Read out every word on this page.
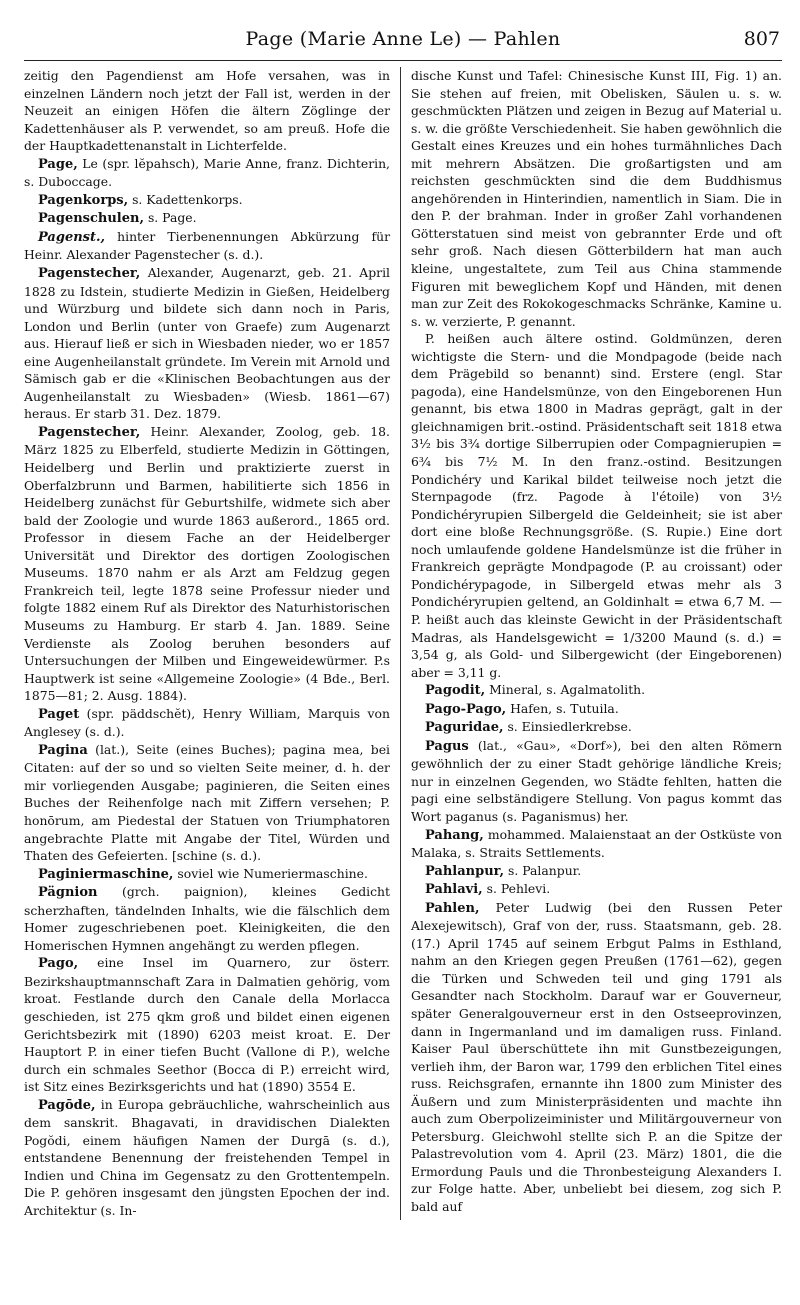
Page (Marie Anne Le) — Pahlen	807

zeitig den Pagendienst am Hofe versahen, was in einzelnen Ländern noch jetzt der Fall ist, werden in der Neuzeit an einigen Höfen die ältern Zöglinge der Kadettenhäuser als P. verwendet, so am preuß. Hofe die der Hauptkadettenanstalt in Lichterfelde.

Page, Le (spr. lĕpahsch), Marie Anne, franz. Dichterin, s. Duboccage.

Pagenkorps, s. Kadettenkorps.

Pagenschulen, s. Page.

Pagenst., hinter Tierbenennungen Abkürzung für Heinr. Alexander Pagenstecher (s. d.).

Pagenstecher, Alexander, Augenarzt, geb. 21. April 1828 zu Idstein, studierte Medizin in Gießen, Heidelberg und Würzburg und bildete sich dann noch in Paris, London und Berlin (unter von Graefe) zum Augenarzt aus. Hierauf ließ er sich in Wiesbaden nieder, wo er 1857 eine Augenheilanstalt gründete. Im Verein mit Arnold und Sämisch gab er die «Klinischen Beobachtungen aus der Augenheilanstalt zu Wiesbaden» (Wiesb. 1861—67) heraus. Er starb 31. Dez. 1879.

Pagenstecher, Heinr. Alexander, Zoolog, geb. 18. März 1825 zu Elberfeld, studierte Medizin in Göttingen, Heidelberg und Berlin und praktizierte zuerst in Oberfalzbrunn und Barmen, habilitierte sich 1856 in Heidelberg zunächst für Geburtshilfe, widmete sich aber bald der Zoologie und wurde 1863 außerord., 1865 ord. Professor in diesem Fache an der Heidelberger Universität und Direktor des dortigen Zoologischen Museums. 1870 nahm er als Arzt am Feldzug gegen Frankreich teil, legte 1878 seine Professur nieder und folgte 1882 einem Ruf als Direktor des Naturhistorischen Museums zu Hamburg. Er starb 4. Jan. 1889. Seine Verdienste als Zoolog beruhen besonders auf Untersuchungen der Milben und Eingeweidewürmer. P.s Hauptwerk ist seine «Allgemeine Zoologie» (4 Bde., Berl. 1875—81; 2. Ausg. 1884).

Paget (spr. päddschĕt), Henry William, Marquis von Anglesey (s. d.).

Pagina (lat.), Seite (eines Buches); pagina mea, bei Citaten: auf der so und so vielten Seite meiner, d. h. der mir vorliegenden Ausgabe; paginieren, die Seiten eines Buches der Reihenfolge nach mit Ziffern versehen; P. honōrum, am Piedestal der Statuen von Triumphatoren angebrachte Platte mit Angabe der Titel, Würden und Thaten des Gefeierten. [schine (s. d.).

Paginiermaschine, soviel wie Numeriermaschine.

Pägnion (grch. paignion), kleines Gedicht scherzhaften, tändelnden Inhalts, wie die fälschlich dem Homer zugeschriebenen poet. Kleinigkeiten, die den Homerischen Hymnen angehängt zu werden pflegen.

Pago, eine Insel im Quarnero, zur österr. Bezirkshauptmannschaft Zara in Dalmatien gehörig, vom kroat. Festlande durch den Canale della Morlacca geschieden, ist 275 qkm groß und bildet einen eigenen Gerichtsbezirk mit (1890) 6203 meist kroat. E. Der Hauptort P. in einer tiefen Bucht (Vallone di P.), welche durch ein schmales Seethor (Bocca di P.) erreicht wird, ist Sitz eines Bezirksgerichts und hat (1890) 3554 E.

Pagōde, in Europa gebräuchliche, wahrscheinlich aus dem sanskrit. Bhagavati, in dravidischen Dialekten Pogŏdi, einem häufigen Namen der Durgā (s. d.), entstandene Benennung der freistehenden Tempel in Indien und China im Gegensatz zu den Grottentempeln. Die P. gehören insgesamt den jüngsten Epochen der ind. Architektur (s. In-

dische Kunst und Tafel: Chinesische Kunst III, Fig. 1) an. Sie stehen auf freien, mit Obelisken, Säulen u. s. w. geschmückten Plätzen und zeigen in Bezug auf Material u. s. w. die größte Verschiedenheit. Sie haben gewöhnlich die Gestalt eines Kreuzes und ein hohes turmähnliches Dach mit mehrern Absätzen. Die großartigsten und am reichsten geschmückten sind die dem Buddhismus angehörenden in Hinterindien, namentlich in Siam. Die in den P. der brahman. Inder in großer Zahl vorhandenen Götterstatuen sind meist von gebrannter Erde und oft sehr groß. Nach diesen Götterbildern hat man auch kleine, ungestaltete, zum Teil aus China stammende Figuren mit beweglichem Kopf und Händen, mit denen man zur Zeit des Rokokogeschmacks Schränke, Kamine u. s. w. verzierte, P. genannt.

P. heißen auch ältere ostind. Goldmünzen, deren wichtigste die Stern- und die Mondpagode (beide nach dem Prägebild so benannt) sind. Erstere (engl. Star pagoda), eine Handelsmünze, von den Eingeborenen Hun genannt, bis etwa 1800 in Madras geprägt, galt in der gleichnamigen brit.-ostind. Präsidentschaft seit 1818 etwa 3½ bis 3¾ dortige Silberrupien oder Compagnierupien = 6¾ bis 7½ M. In den franz.-ostind. Besitzungen Pondichéry und Karikal bildet teilweise noch jetzt die Sternpagode (frz. Pagode à l'étoile) von 3½ Pondichéryrupien Silbergeld die Geldeinheit; sie ist aber dort eine bloße Rechnungsgröße. (S. Rupie.) Eine dort noch umlaufende goldene Handelsmünze ist die früher in Frankreich geprägte Mondpagode (P. au croissant) oder Pondichérypagode, in Silbergeld etwas mehr als 3 Pondichéryrupien geltend, an Goldinhalt = etwa 6,7 M. — P. heißt auch das kleinste Gewicht in der Präsidentschaft Madras, als Handelsgewicht = 1/3200 Maund (s. d.) = 3,54 g, als Gold- und Silbergewicht (der Eingeborenen) aber = 3,11 g.

Pagodit, Mineral, s. Agalmatolith.

Pago-Pago, Hafen, s. Tutuila.

Paguridae, s. Einsiedlerkrebse.

Pagus (lat., «Gau», «Dorf»), bei den alten Römern gewöhnlich der zu einer Stadt gehörige ländliche Kreis; nur in einzelnen Gegenden, wo Städte fehlten, hatten die pagi eine selbständigere Stellung. Von pagus kommt das Wort paganus (s. Paganismus) her.

Pahang, mohammed. Malaienstaat an der Ostküste von Malaka, s. Straits Settlements.

Pahlanpur, s. Palanpur.

Pahlavi, s. Pehlevi.

Pahlen, Peter Ludwig (bei den Russen Peter Alexejewitsch), Graf von der, russ. Staatsmann, geb. 28. (17.) April 1745 auf seinem Erbgut Palms in Esthland, nahm an den Kriegen gegen Preußen (1761—62), gegen die Türken und Schweden teil und ging 1791 als Gesandter nach Stockholm. Darauf war er Gouverneur, später Generalgouverneur erst in den Ostseeprovinzen, dann in Ingermanland und im damaligen russ. Finland. Kaiser Paul überschüttete ihn mit Gunstbezeigungen, verlieh ihm, der Baron war, 1799 den erblichen Titel eines russ. Reichsgrafen, ernannte ihn 1800 zum Minister des Äußern und zum Ministerpräsidenten und machte ihn auch zum Oberpolizeiminister und Militärgouverneur von Petersburg. Gleichwohl stellte sich P. an die Spitze der Palastrevolution vom 4. April (23. März) 1801, die die Ermordung Pauls und die Thronbesteigung Alexanders I. zur Folge hatte. Aber, unbeliebt bei diesem, zog sich P. bald auf
